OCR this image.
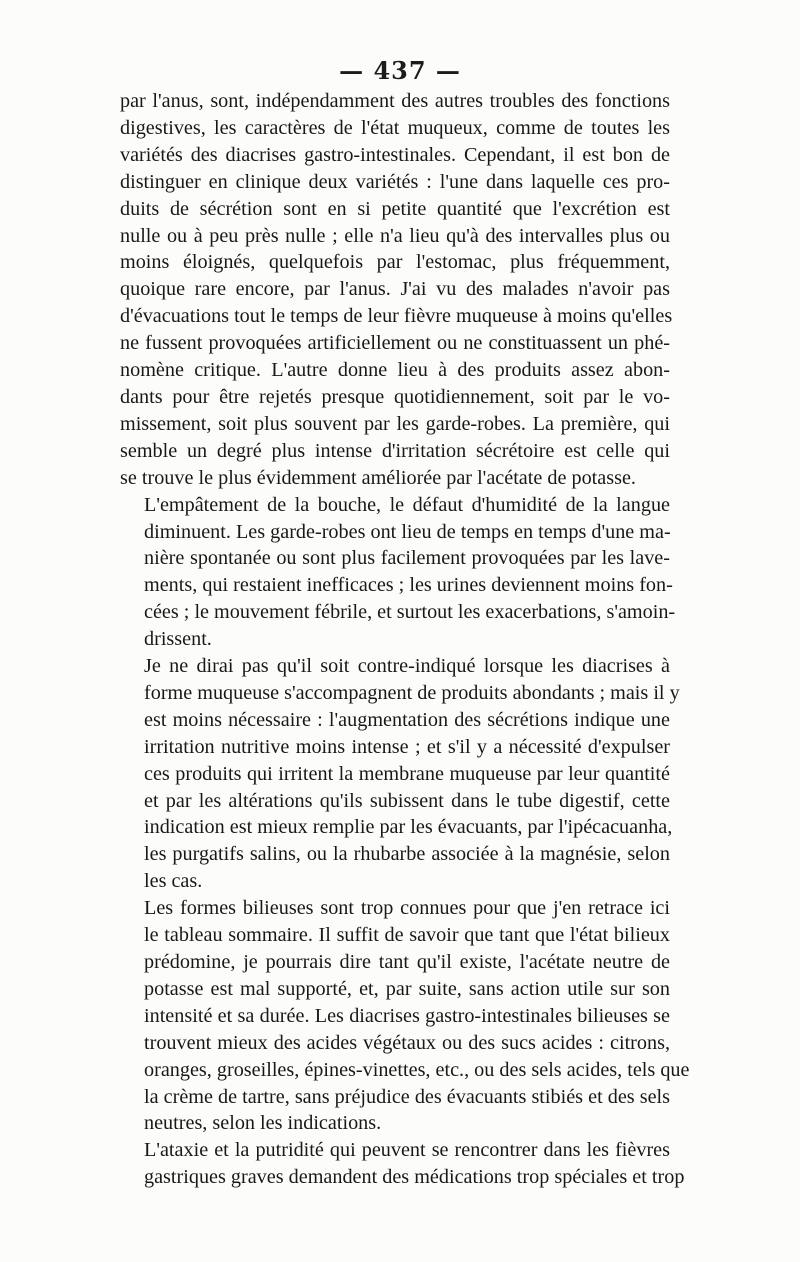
— 437 —
par l'anus, sont, indépendamment des autres troubles des fonctions
digestives, les caractères de l'état muqueux, comme de toutes les
variétés des diacrises gastro-intestinales. Cependant, il est bon de
distinguer en clinique deux variétés : l'une dans laquelle ces pro-
duits de sécrétion sont en si petite quantité que l'excrétion est
nulle ou à peu près nulle ; elle n'a lieu qu'à des intervalles plus ou
moins éloignés, quelquefois par l'estomac, plus fréquemment,
quoique rare encore, par l'anus. J'ai vu des malades n'avoir pas
d'évacuations tout le temps de leur fièvre muqueuse à moins qu'elles
ne fussent provoquées artificiellement ou ne constituassent un phé-
nomène critique. L'autre donne lieu à des produits assez abon-
dants pour être rejetés presque quotidiennement, soit par le vo-
missement, soit plus souvent par les garde-robes. La première, qui
semble un degré plus intense d'irritation sécrétoire est celle qui
se trouve le plus évidemment améliorée par l'acétate de potasse.
L'empâtement de la bouche, le défaut d'humidité de la langue
diminuent. Les garde-robes ont lieu de temps en temps d'une ma-
nière spontanée ou sont plus facilement provoquées par les lave-
ments, qui restaient inefficaces ; les urines deviennent moins fon-
cées ; le mouvement fébrile, et surtout les exacerbations, s'amoin-
drissent.
Je ne dirai pas qu'il soit contre-indiqué lorsque les diacrises à
forme muqueuse s'accompagnent de produits abondants ; mais il y
est moins nécessaire : l'augmentation des sécrétions indique une
irritation nutritive moins intense ; et s'il y a nécessité d'expulser
ces produits qui irritent la membrane muqueuse par leur quantité
et par les altérations qu'ils subissent dans le tube digestif, cette
indication est mieux remplie par les évacuants, par l'ipécacuanha,
les purgatifs salins, ou la rhubarbe associée à la magnésie, selon
les cas.
Les formes bilieuses sont trop connues pour que j'en retrace ici
le tableau sommaire. Il suffit de savoir que tant que l'état bilieux
prédomine, je pourrais dire tant qu'il existe, l'acétate neutre de
potasse est mal supporté, et, par suite, sans action utile sur son
intensité et sa durée. Les diacrises gastro-intestinales bilieuses se
trouvent mieux des acides végétaux ou des sucs acides : citrons,
oranges, groseilles, épines-vinettes, etc., ou des sels acides, tels que
la crème de tartre, sans préjudice des évacuants stibiés et des sels
neutres, selon les indications.
L'ataxie et la putridité qui peuvent se rencontrer dans les fièvres
gastriques graves demandent des médications trop spéciales et trop
